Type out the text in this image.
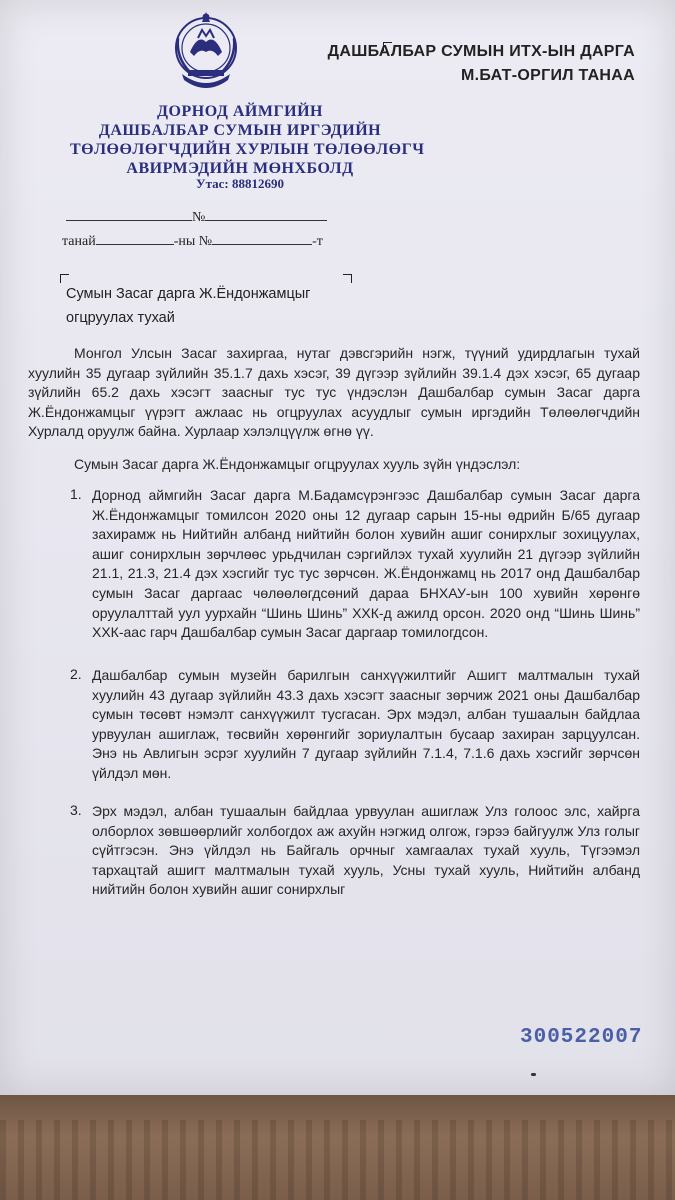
ДОРНОД АЙМГИЙН
ДАШБАЛБАР СУМЫН ИРГЭДИЙН
ТӨЛӨӨЛӨГЧДИЙН ХУРЛЫН ТӨЛӨӨЛӨГЧ
АВИРМЭДИЙН МӨНХБОЛД
Утас: 88812690
ДАШБАЛБАР СУМЫН ИТХ-ЫН ДАРГА
М.БАТ-ОРГИЛ ТАНАА
№
танай	-ны №	-т
Сумын Засаг дарга Ж.Ёндонжамцыг
огцруулах тухай
Монгол Улсын Засаг захиргаа, нутаг дэвсгэрийн нэгж, түүний удирдлагын тухай хуулийн 35 дугаар зүйлийн 35.1.7 дахь хэсэг, 39 дүгээр зүйлийн 39.1.4 дэх хэсэг, 65 дугаар зүйлийн 65.2 дахь хэсэгт заасныг тус тус үндэслэн Дашбалбар сумын Засаг дарга Ж.Ёндонжамцыг үүрэгт ажлаас нь огцруулах асуудлыг сумын иргэдийн Төлөөлөгчдийн Хурлалд оруулж байна. Хурлаар хэлэлцүүлж өгнө үү.
Сумын Засаг дарга Ж.Ёндонжамцыг огцруулах хууль зүйн үндэслэл:
1. Дорнод аймгийн Засаг дарга М.Бадамсүрэнгээс Дашбалбар сумын Засаг дарга Ж.Ёндонжамцыг томилсон 2020 оны 12 дугаар сарын 15-ны өдрийн Б/65 дугаар захирамж нь Нийтийн албанд нийтийн болон хувийн ашиг сонирхлыг зохицуулах, ашиг сонирхлын зөрчлөөс урьдчилан сэргийлэх тухай хуулийн 21 дүгээр зүйлийн 21.1, 21.3, 21.4 дэх хэсгийг тус тус зөрчсөн. Ж.Ёндонжамц нь 2017 онд Дашбалбар сумын Засаг даргаас чөлөөлөгдсөний дараа БНХАУ-ын 100 хувийн хөрөнгө оруулалттай уул уурхайн “Шинь Шинь” ХХК-д ажилд орсон. 2020 онд “Шинь Шинь” ХХК-аас гарч Дашбалбар сумын Засаг даргаар томилогдсон.
2. Дашбалбар сумын музейн барилгын санхүүжилтийг Ашигт малтмалын тухай хуулийн 43 дугаар зүйлийн 43.3 дахь хэсэгт заасныг зөрчиж 2021 оны Дашбалбар сумын төсөвт нэмэлт санхүүжилт тусгасан. Эрх мэдэл, албан тушаалын байдлаа урвуулан ашиглаж, төсвийн хөрөнгийг зориулалтын бусаар захиран зарцуулсан. Энэ нь Авлигын эсрэг хуулийн 7 дугаар зүйлийн 7.1.4, 7.1.6 дахь хэсгийг зөрчсөн үйлдэл мөн.
3. Эрх мэдэл, албан тушаалын байдлаа урвуулан ашиглаж Улз голоос элс, хайрга олборлох зөвшөөрлийг холбогдох аж ахуйн нэгжид олгож, гэрээ байгуулж Улз голыг сүйтгэсэн. Энэ үйлдэл нь Байгаль орчныг хамгаалах тухай хууль, Түгээмэл тархацтай ашигт малтмалын тухай хууль, Усны тухай хууль, Нийтийн албанд нийтийн болон хувийн ашиг сонирхлыг
300522007
